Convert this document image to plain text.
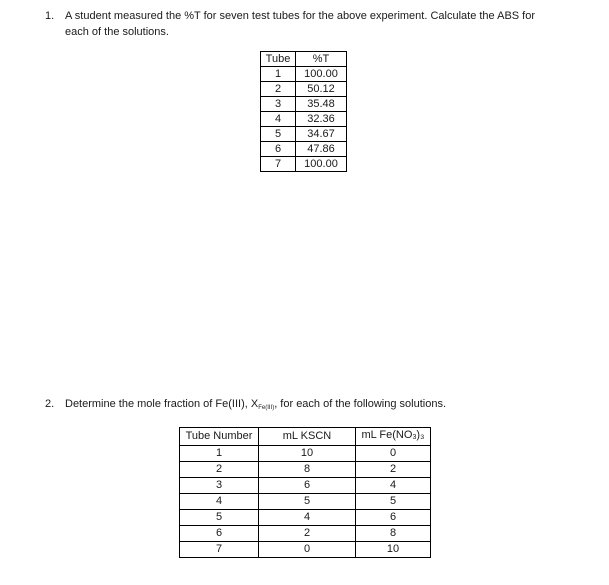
1. A student measured the %T for seven test tubes for the above experiment. Calculate the ABS for
each of the solutions.
Tube	%T
1	100.00
2	50.12
3	35.48
4	32.36
5	34.67
6	47.86
7	100.00
2. Determine the mole fraction of Fe(III), $X_{Fe(III)}$, for each of the following solutions.
Tube Number	mL KSCN	mL Fe(NO3)₃
1	10	0
2	8	2
3	6	4
4	5	5
5	4	6
6	2	8
7	0	10
